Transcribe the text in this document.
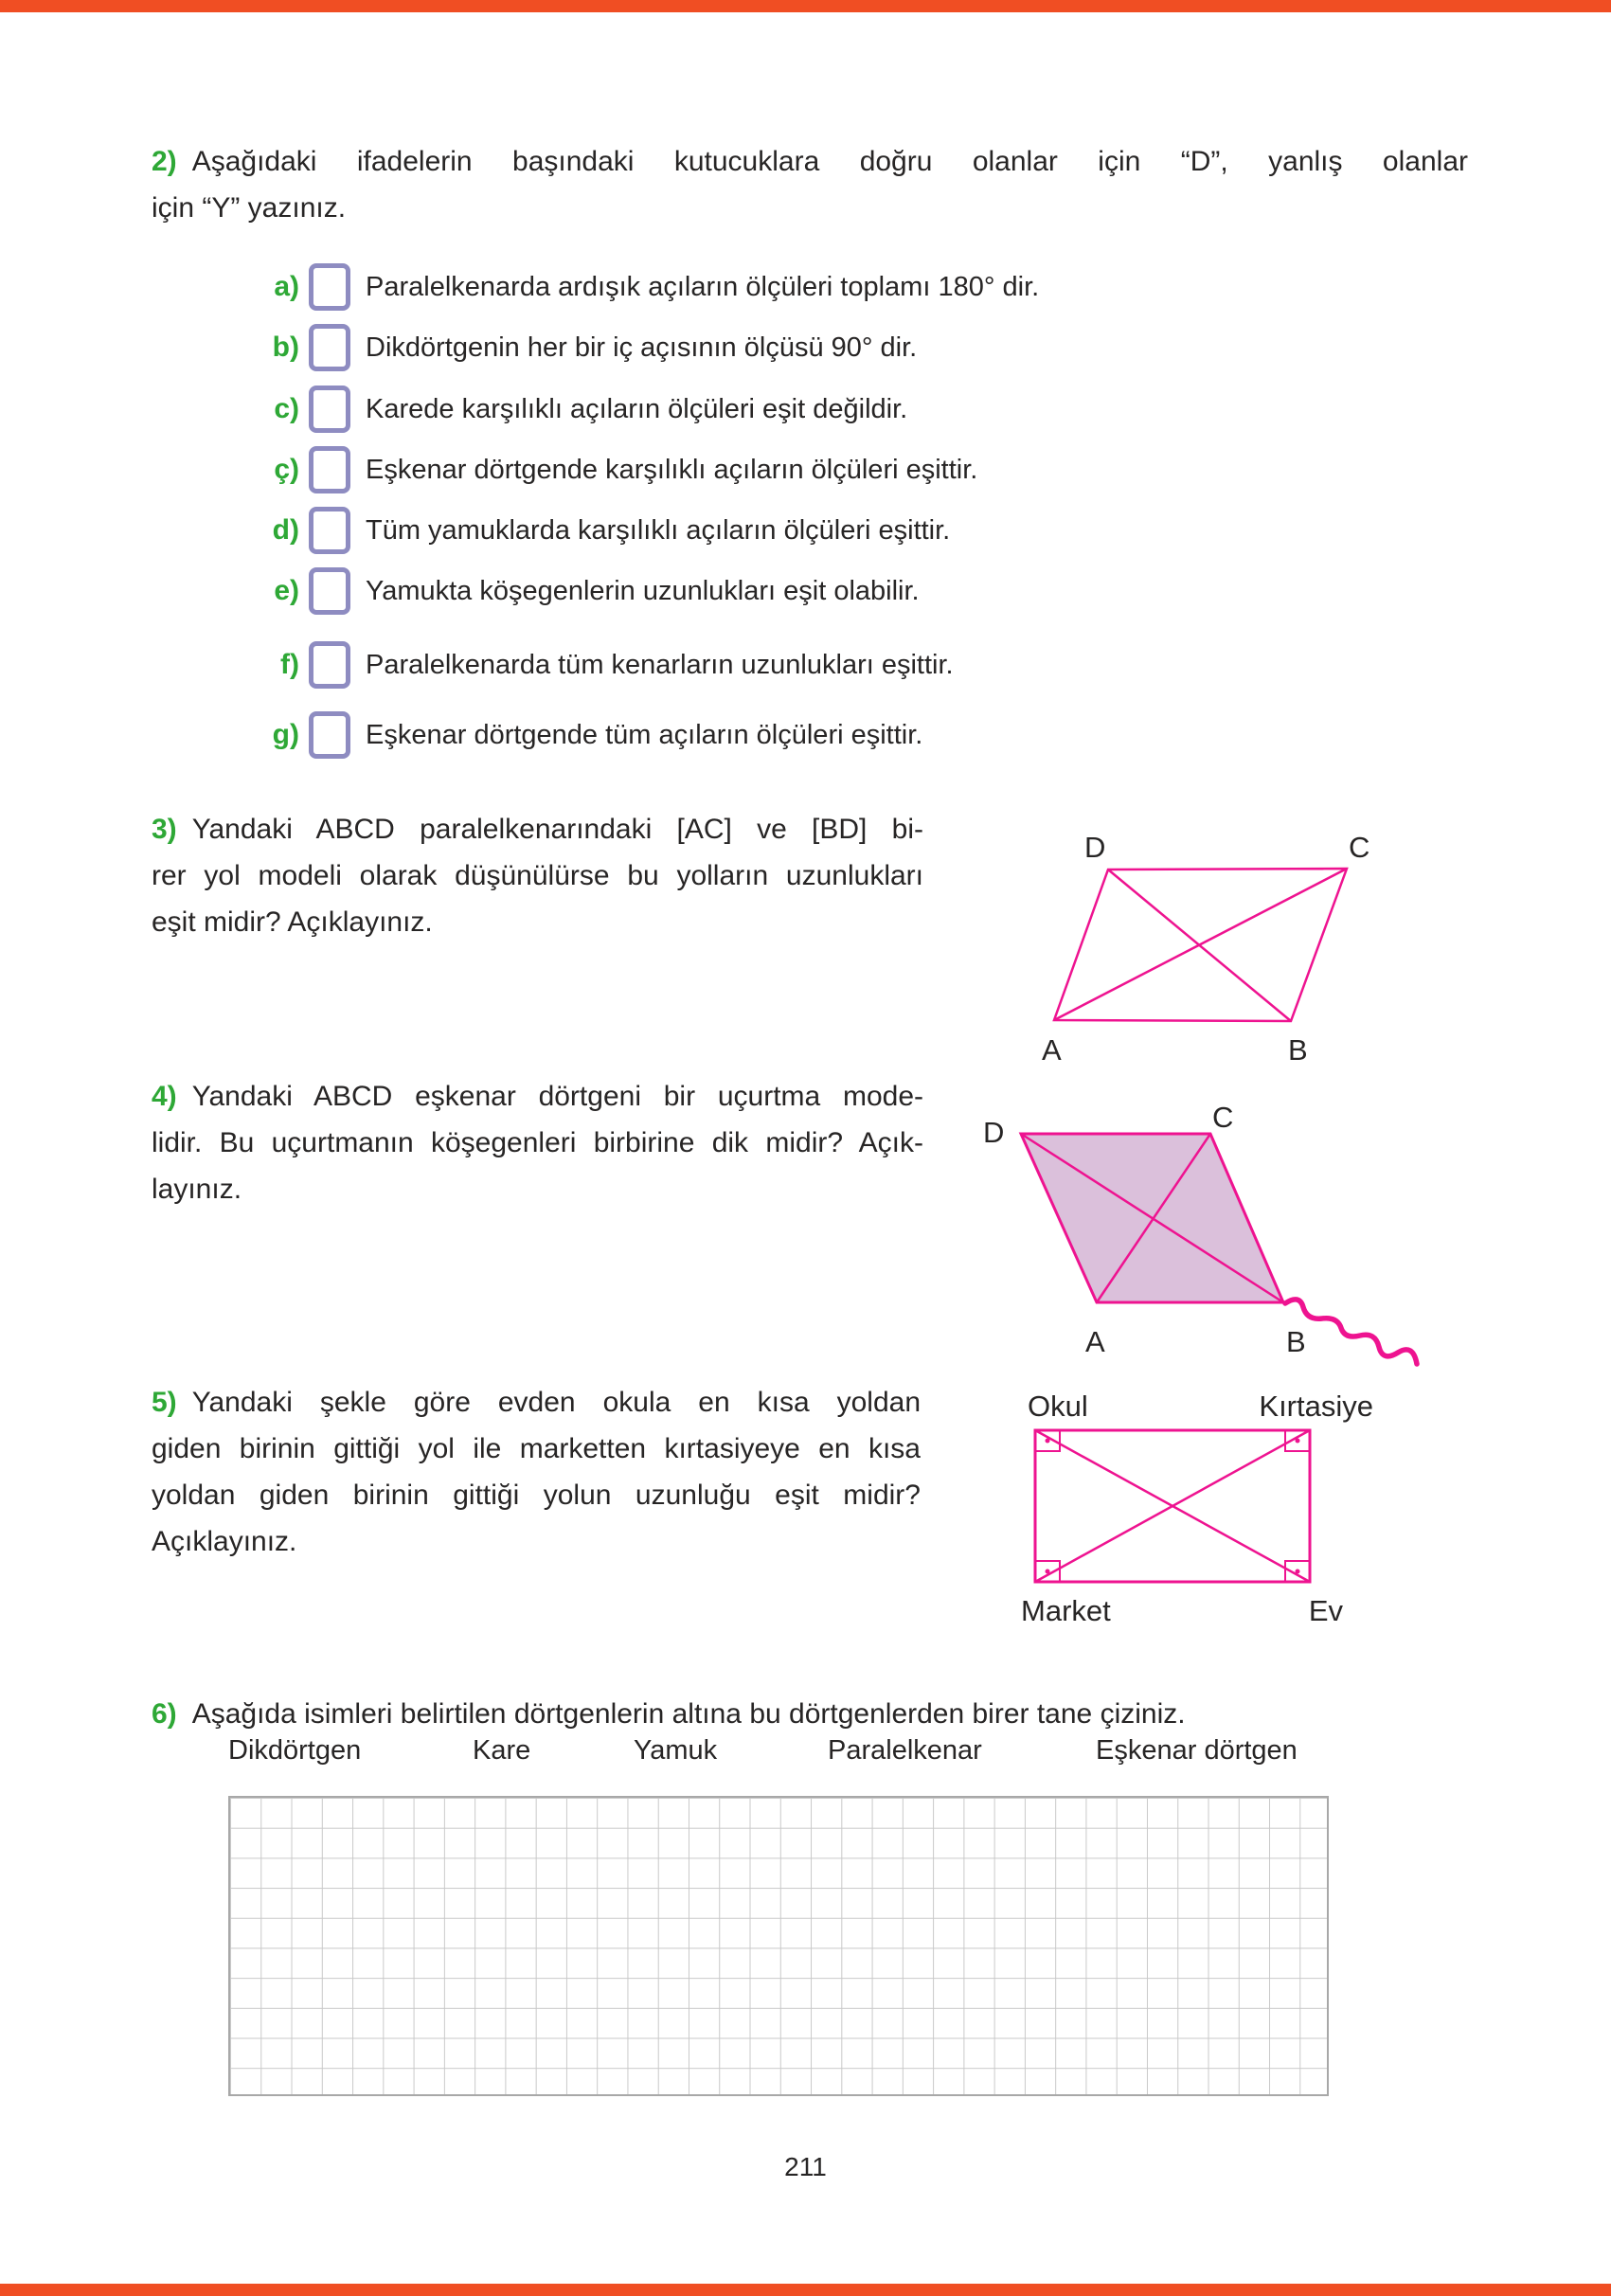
2) Aşağıdaki ifadelerin başındaki kutucuklara doğru olanlar için “D”, yanlış olanlar
için “Y” yazınız.
a)	Paralelkenarda ardışık açıların ölçüleri toplamı 180° dir.
b)	Dikdörtgenin her bir iç açısının ölçüsü 90° dir.
c)	Karede karşılıklı açıların ölçüleri eşit değildir.
ç)	Eşkenar dörtgende karşılıklı açıların ölçüleri eşittir.
d)	Tüm yamuklarda karşılıklı açıların ölçüleri eşittir.
e)	Yamukta köşegenlerin uzunlukları eşit olabilir.
f)	Paralelkenarda tüm kenarların uzunlukları eşittir.
g)	Eşkenar dörtgende tüm açıların ölçüleri eşittir.
3) Yandaki ABCD paralelkenarındaki [AC] ve [BD] bi-
rer yol modeli olarak düşünülürse bu yolların uzunlukları
eşit midir? Açıklayınız.
D	C
A	B
4) Yandaki ABCD eşkenar dörtgeni bir uçurtma mode-
lidir. Bu uçurtmanın köşegenleri birbirine dik midir? Açık-
layınız.
D	C
A	B
5) Yandaki şekle göre evden okula en kısa yoldan
giden birinin gittiği yol ile marketten kırtasiyeye en kısa
yoldan giden birinin gittiği yolun uzunluğu eşit midir?
Açıklayınız.
Okul	Kırtasiye
Market	Ev
6) Aşağıda isimleri belirtilen dörtgenlerin altına bu dörtgenlerden birer tane çiziniz.
Dikdörtgen	Kare	Yamuk	Paralelkenar	Eşkenar dörtgen
211
